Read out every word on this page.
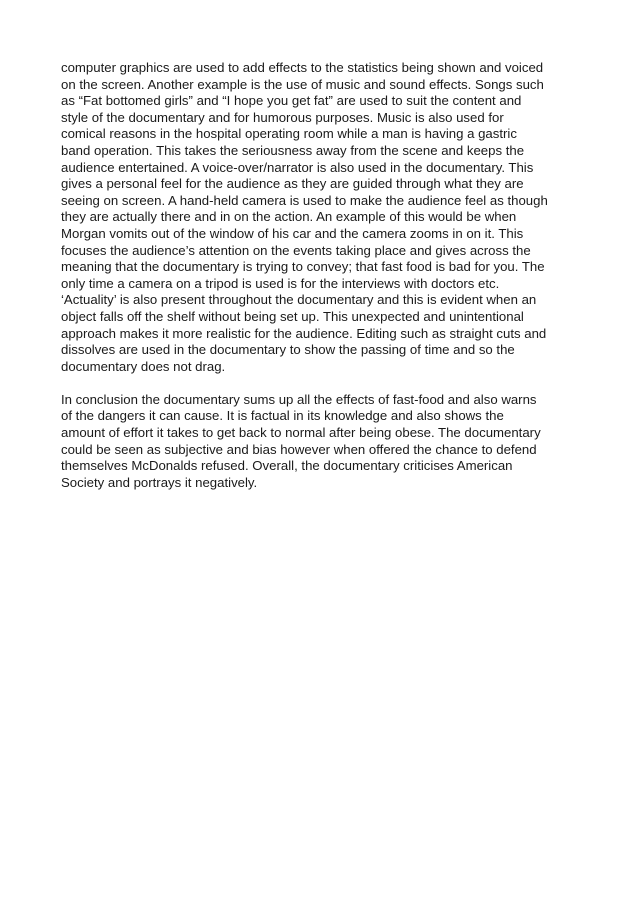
computer graphics are used to add effects to the statistics being shown and voiced
on the screen. Another example is the use of music and sound effects. Songs such
as “Fat bottomed girls” and “I hope you get fat” are used to suit the content and
style of the documentary and for humorous purposes. Music is also used for
comical reasons in the hospital operating room while a man is having a gastric
band operation. This takes the seriousness away from the scene and keeps the
audience entertained. A voice-over/narrator is also used in the documentary. This
gives a personal feel for the audience as they are guided through what they are
seeing on screen. A hand-held camera is used to make the audience feel as though
they are actually there and in on the action. An example of this would be when
Morgan vomits out of the window of his car and the camera zooms in on it. This
focuses the audience’s attention on the events taking place and gives across the
meaning that the documentary is trying to convey; that fast food is bad for you. The
only time a camera on a tripod is used is for the interviews with doctors etc.
‘Actuality’ is also present throughout the documentary and this is evident when an
object falls off the shelf without being set up. This unexpected and unintentional
approach makes it more realistic for the audience. Editing such as straight cuts and
dissolves are used in the documentary to show the passing of time and so the
documentary does not drag.

In conclusion the documentary sums up all the effects of fast-food and also warns
of the dangers it can cause. It is factual in its knowledge and also shows the
amount of effort it takes to get back to normal after being obese. The documentary
could be seen as subjective and bias however when offered the chance to defend
themselves McDonalds refused. Overall, the documentary criticises American
Society and portrays it negatively.
